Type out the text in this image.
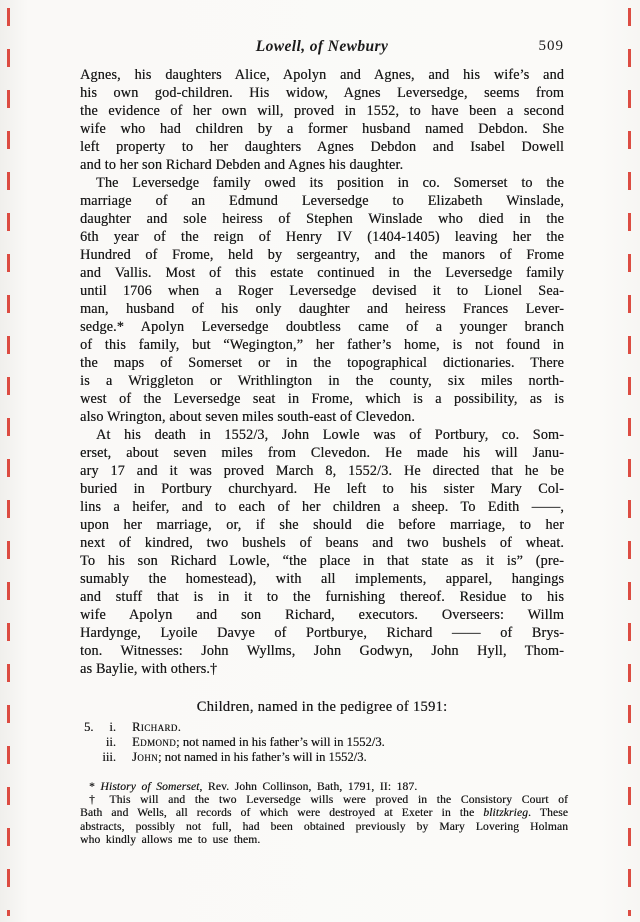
Lowell, of Newbury	509
Agnes, his daughters Alice, Apolyn and Agnes, and his wife’s and
his own god-children. His widow, Agnes Leversedge, seems from
the evidence of her own will, proved in 1552, to have been a second
wife who had children by a former husband named Debdon. She
left property to her daughters Agnes Debdon and Isabel Dowell
and to her son Richard Debden and Agnes his daughter.
The Leversedge family owed its position in co. Somerset to the
marriage of an Edmund Leversedge to Elizabeth Winslade,
daughter and sole heiress of Stephen Winslade who died in the
6th year of the reign of Henry IV (1404-1405) leaving her the
Hundred of Frome, held by sergeantry, and the manors of Frome
and Vallis. Most of this estate continued in the Leversedge family
until 1706 when a Roger Leversedge devised it to Lionel Sea-
man, husband of his only daughter and heiress Frances Lever-
sedge.* Apolyn Leversedge doubtless came of a younger branch
of this family, but “Wegington,” her father’s home, is not found in
the maps of Somerset or in the topographical dictionaries. There
is a Wriggleton or Writhlington in the county, six miles north-
west of the Leversedge seat in Frome, which is a possibility, as is
also Wrington, about seven miles south-east of Clevedon.
At his death in 1552/3, John Lowle was of Portbury, co. Som-
erset, about seven miles from Clevedon. He made his will Janu-
ary 17 and it was proved March 8, 1552/3. He directed that he be
buried in Portbury churchyard. He left to his sister Mary Col-
lins a heifer, and to each of her children a sheep. To Edith ——,
upon her marriage, or, if she should die before marriage, to her
next of kindred, two bushels of beans and two bushels of wheat.
To his son Richard Lowle, “the place in that state as it is” (pre-
sumably the homestead), with all implements, apparel, hangings
and stuff that is in it to the furnishing thereof. Residue to his
wife Apolyn and son Richard, executors. Overseers: Willm
Hardynge, Lyoile Davye of Portburye, Richard —— of Brys-
ton. Witnesses: John Wyllms, John Godwyn, John Hyll, Thom-
as Baylie, with others.†
Children, named in the pedigree of 1591:
5.	i. Richard.
ii. Edmond; not named in his father’s will in 1552/3.
iii. John; not named in his father’s will in 1552/3.
* History of Somerset, Rev. John Collinson, Bath, 1791, II: 187.
† This will and the two Leversedge wills were proved in the Consistory Court of
Bath and Wells, all records of which were destroyed at Exeter in the blitzkrieg. These
abstracts, possibly not full, had been obtained previously by Mary Lovering Holman
who kindly allows me to use them.
